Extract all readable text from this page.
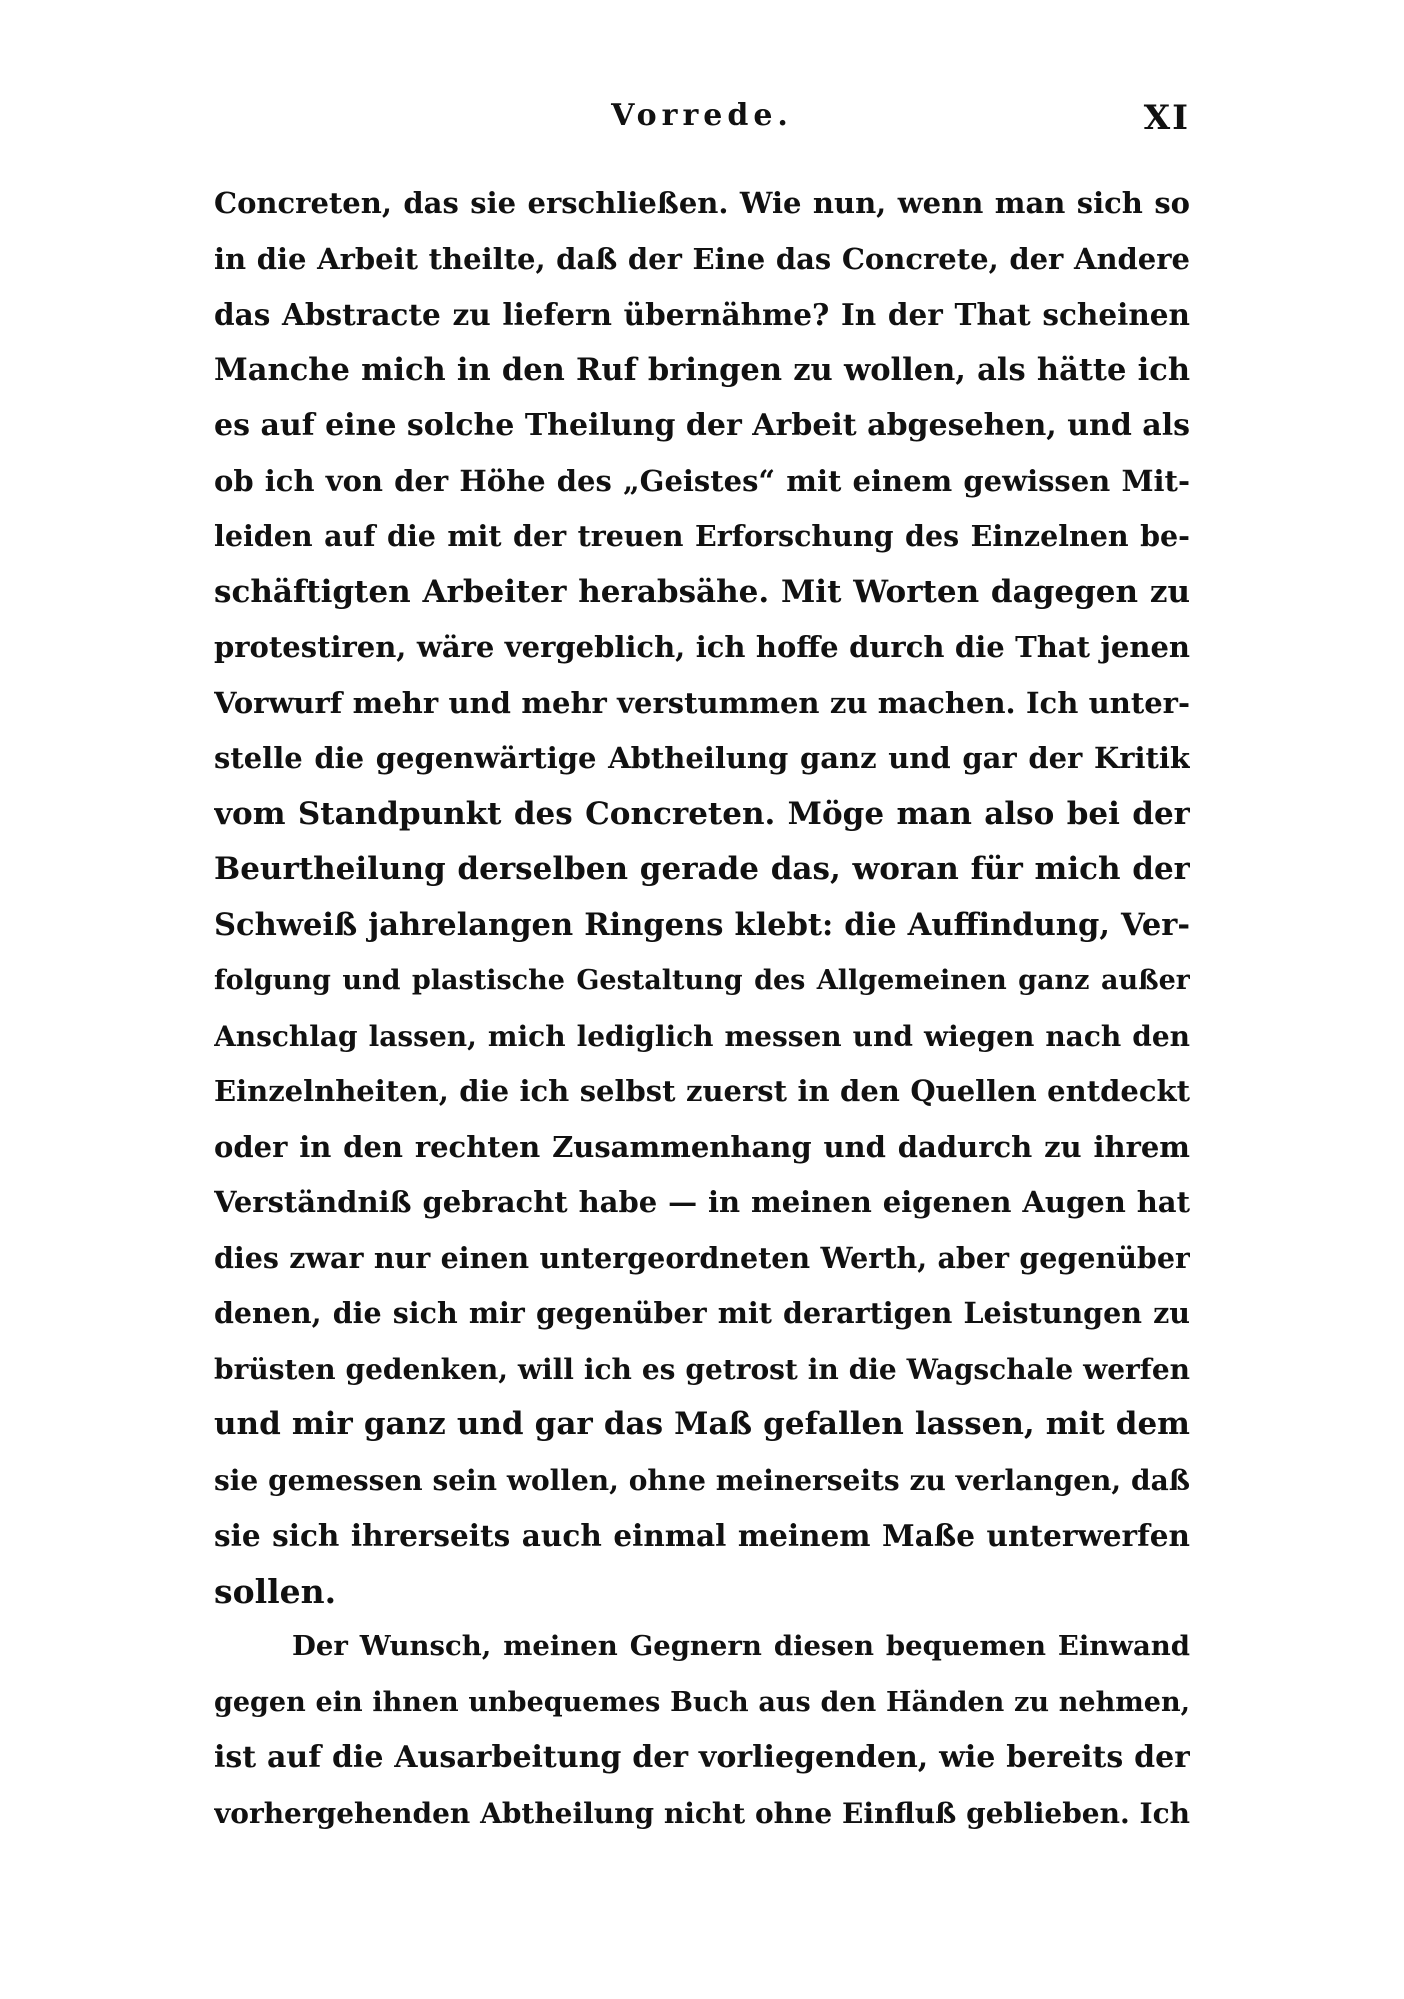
Vorrede.	XI
Concreten, das sie erschließen. Wie nun, wenn man sich so
in die Arbeit theilte, daß der Eine das Concrete, der Andere
das Abstracte zu liefern übernähme? In der That scheinen
Manche mich in den Ruf bringen zu wollen, als hätte ich
es auf eine solche Theilung der Arbeit abgesehen, und als
ob ich von der Höhe des „Geistes“ mit einem gewissen Mit-
leiden auf die mit der treuen Erforschung des Einzelnen be-
schäftigten Arbeiter herabsähe. Mit Worten dagegen zu
protestiren, wäre vergeblich, ich hoffe durch die That jenen
Vorwurf mehr und mehr verstummen zu machen. Ich unter-
stelle die gegenwärtige Abtheilung ganz und gar der Kritik
vom Standpunkt des Concreten. Möge man also bei der
Beurtheilung derselben gerade das, woran für mich der
Schweiß jahrelangen Ringens klebt: die Auffindung, Ver-
folgung und plastische Gestaltung des Allgemeinen ganz außer
Anschlag lassen, mich lediglich messen und wiegen nach den
Einzelnheiten, die ich selbst zuerst in den Quellen entdeckt
oder in den rechten Zusammenhang und dadurch zu ihrem
Verständniß gebracht habe — in meinen eigenen Augen hat
dies zwar nur einen untergeordneten Werth, aber gegenüber
denen, die sich mir gegenüber mit derartigen Leistungen zu
brüsten gedenken, will ich es getrost in die Wagschale werfen
und mir ganz und gar das Maß gefallen lassen, mit dem
sie gemessen sein wollen, ohne meinerseits zu verlangen, daß
sie sich ihrerseits auch einmal meinem Maße unterwerfen
sollen.
Der Wunsch, meinen Gegnern diesen bequemen Einwand
gegen ein ihnen unbequemes Buch aus den Händen zu nehmen,
ist auf die Ausarbeitung der vorliegenden, wie bereits der
vorhergehenden Abtheilung nicht ohne Einfluß geblieben. Ich
